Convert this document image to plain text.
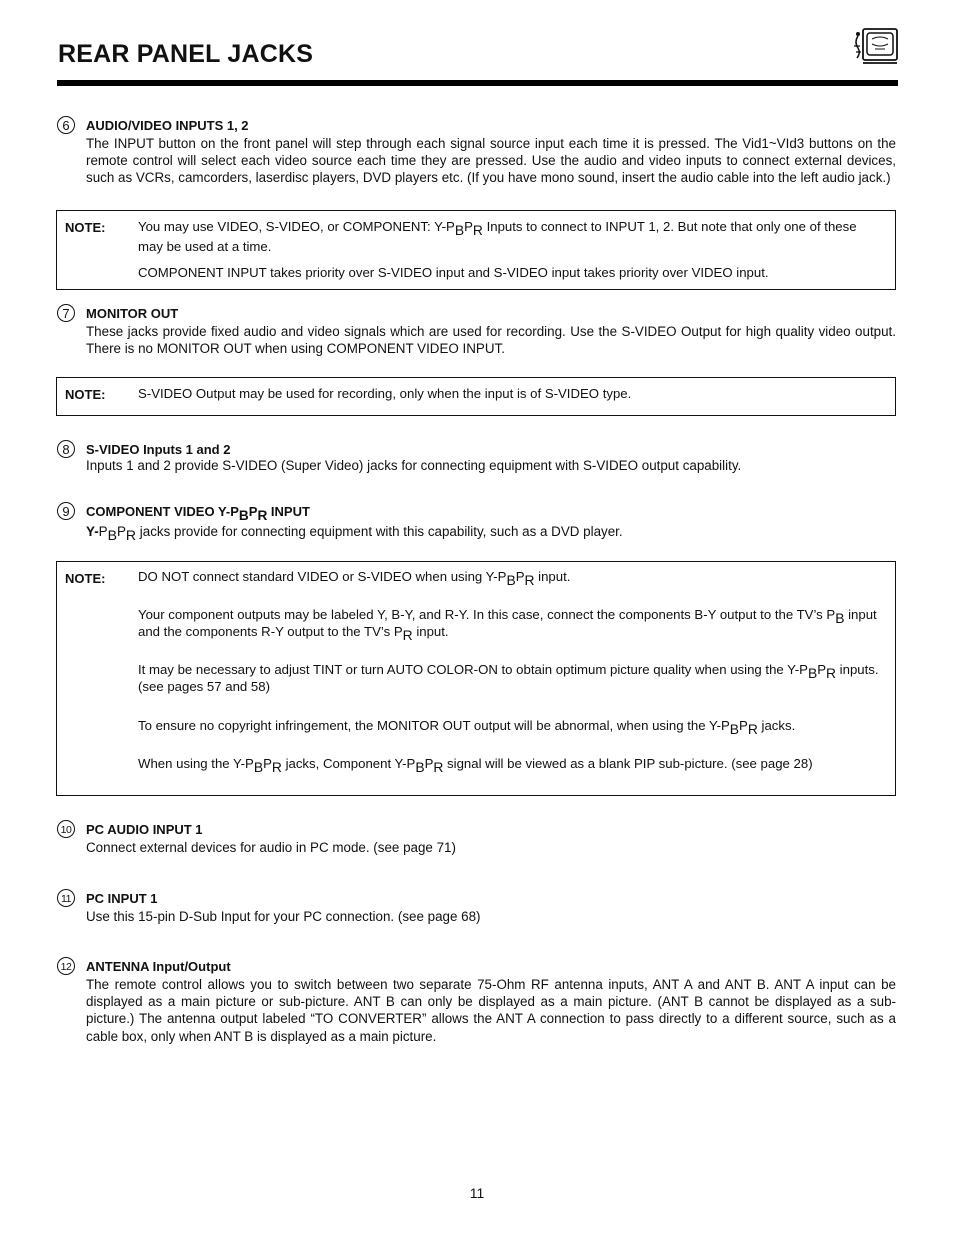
REAR PANEL JACKS
6	AUDIO/VIDEO INPUTS 1, 2
The INPUT button on the front panel will step through each signal source input each time it is pressed. The Vid1~VId3 buttons on the remote control will select each video source each time they are pressed. Use the audio and video inputs to connect external devices, such as VCRs, camcorders, laserdisc players, DVD players etc. (If you have mono sound, insert the audio cable into the left audio jack.)
NOTE: You may use VIDEO, S-VIDEO, or COMPONENT: Y-PBPR Inputs to connect to INPUT 1, 2. But note that only one of these may be used at a time.
COMPONENT INPUT takes priority over S-VIDEO input and S-VIDEO input takes priority over VIDEO input.
7	MONITOR OUT
These jacks provide fixed audio and video signals which are used for recording. Use the S-VIDEO Output for high quality video output. There is no MONITOR OUT when using COMPONENT VIDEO INPUT.
NOTE: S-VIDEO Output may be used for recording, only when the input is of S-VIDEO type.
8	S-VIDEO Inputs 1 and 2
Inputs 1 and 2 provide S-VIDEO (Super Video) jacks for connecting equipment with S-VIDEO output capability.
9	COMPONENT VIDEO Y-PBPR INPUT
Y-PBPR jacks provide for connecting equipment with this capability, such as a DVD player.
NOTE: DO NOT connect standard VIDEO or S-VIDEO when using Y-PBPR input.
Your component outputs may be labeled Y, B-Y, and R-Y. In this case, connect the components B-Y output to the TV’s PB input and the components R-Y output to the TV’s PR input.
It may be necessary to adjust TINT or turn AUTO COLOR-ON to obtain optimum picture quality when using the Y-PBPR inputs. (see pages 57 and 58)
To ensure no copyright infringement, the MONITOR OUT output will be abnormal, when using the Y-PBPR jacks.
When using the Y-PBPR jacks, Component Y-PBPR signal will be viewed as a blank PIP sub-picture. (see page 28)
10 PC AUDIO INPUT 1
Connect external devices for audio in PC mode. (see page 71)
11	PC INPUT 1
Use this 15-pin D-Sub Input for your PC connection. (see page 68)
12 ANTENNA Input/Output
The remote control allows you to switch between two separate 75-Ohm RF antenna inputs, ANT A and ANT B. ANT A input can be displayed as a main picture or sub-picture. ANT B can only be displayed as a main picture. (ANT B cannot be displayed as a sub-picture.) The antenna output labeled “TO CONVERTER” allows the ANT A connection to pass directly to a different source, such as a cable box, only when ANT B is displayed as a main picture.
11
